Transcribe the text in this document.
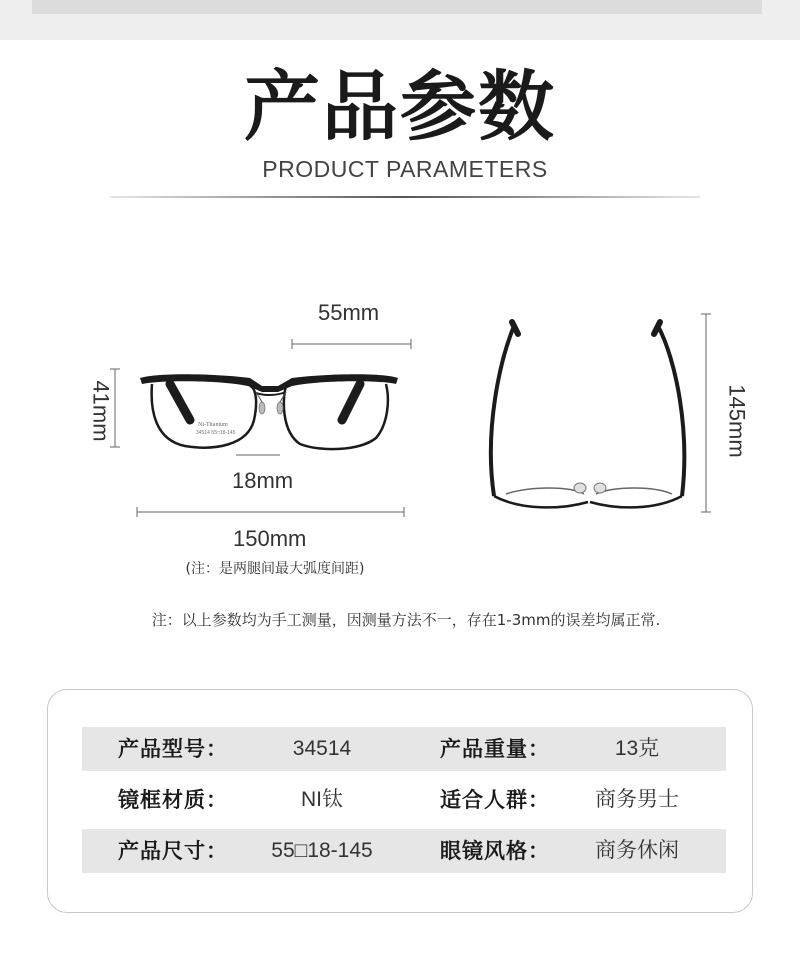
产品参数
PRODUCT PARAMETERS
Ni-Titanium
34514 55□18-145
55mm
41mm
18mm
150mm
(注：是两腿间最大弧度间距)
145mm
注：以上参数均为手工测量，因测量方法不一，存在1-3mm的误差均属正常.
产品型号：	34514	产品重量：	13克
镜框材质：	NI钛	适合人群：	商务男士
产品尺寸：	55□18-145	眼镜风格：	商务休闲
